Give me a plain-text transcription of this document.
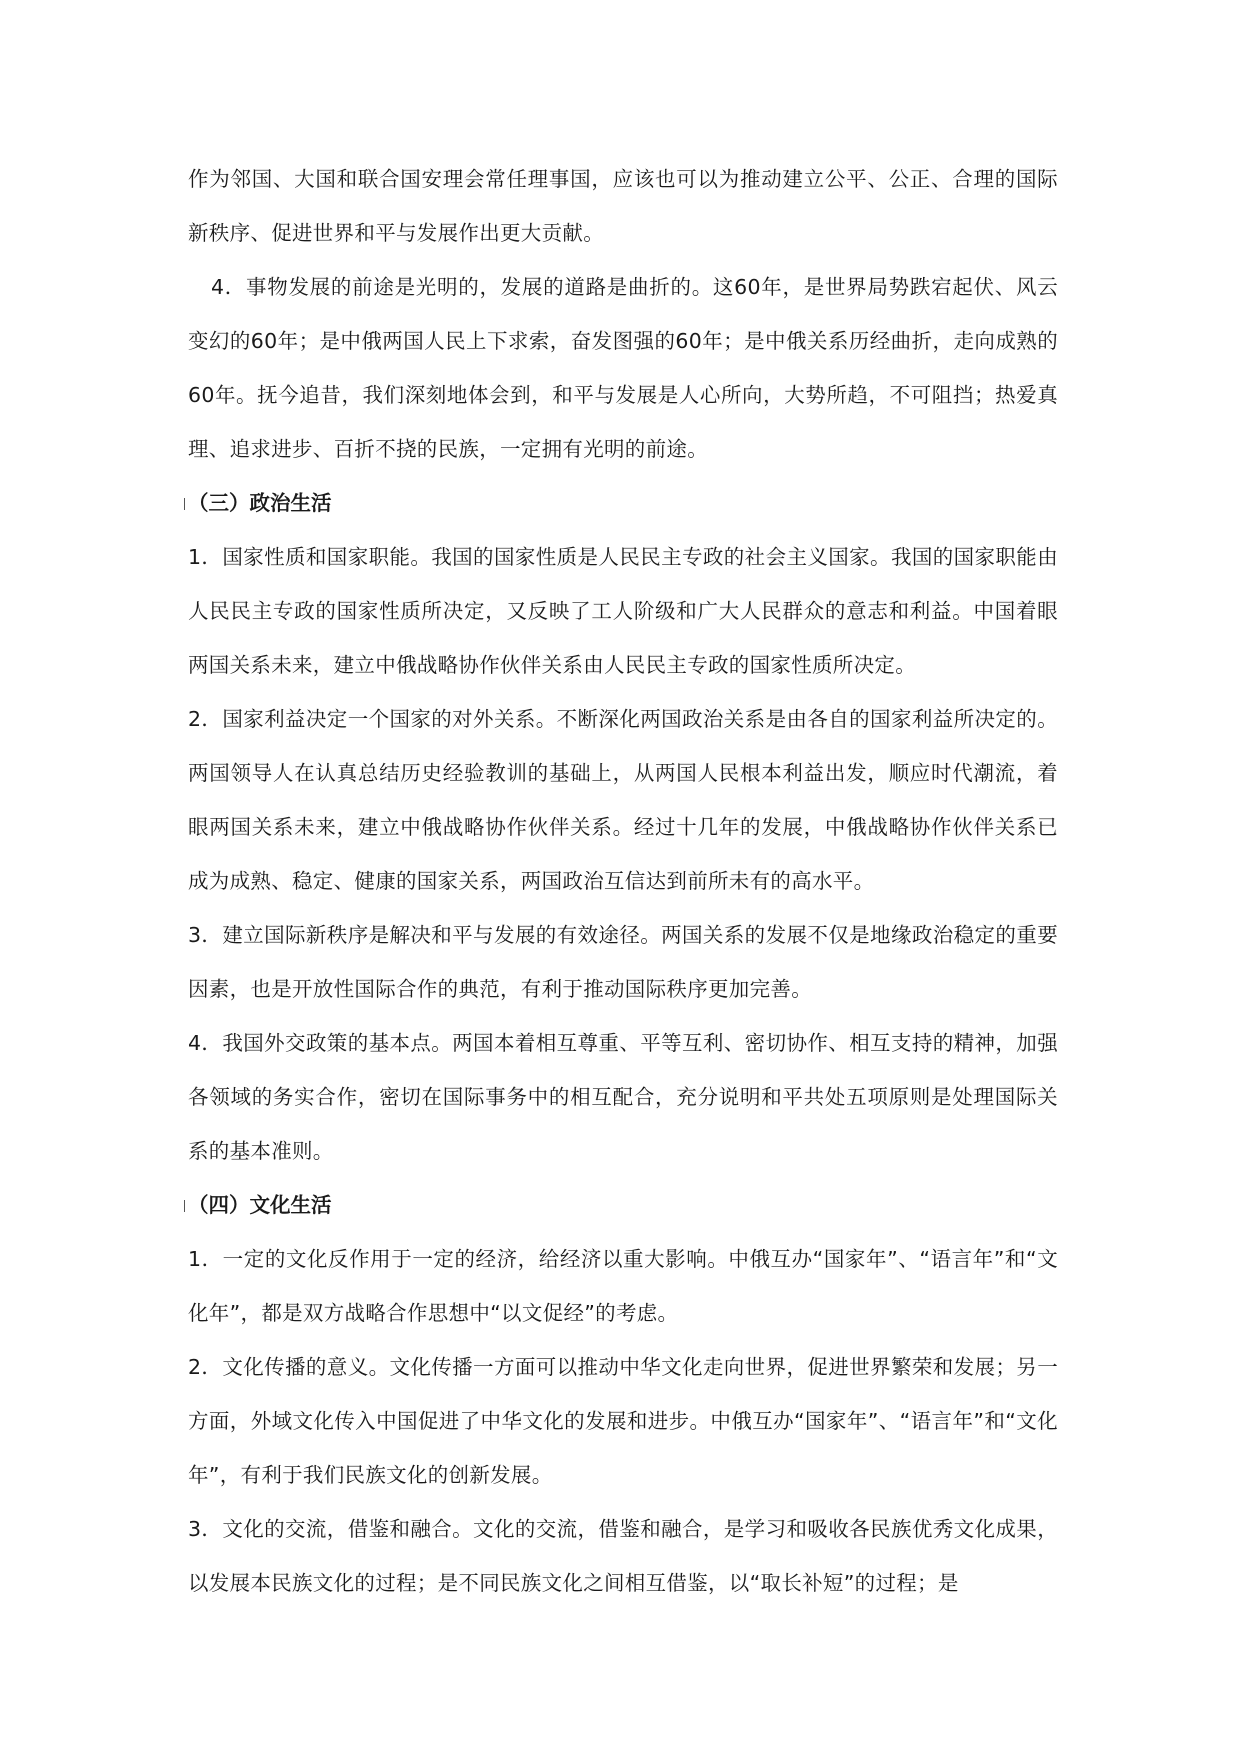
作为邻国、大国和联合国安理会常任理事国，应该也可以为推动建立公平、公正、合理的国际新秩序、促进世界和平与发展作出更大贡献。

4．事物发展的前途是光明的，发展的道路是曲折的。这60年，是世界局势跌宕起伏、风云变幻的60年；是中俄两国人民上下求索，奋发图强的60年；是中俄关系历经曲折，走向成熟的60年。抚今追昔，我们深刻地体会到，和平与发展是人心所向，大势所趋，不可阻挡；热爱真理、追求进步、百折不挠的民族，一定拥有光明的前途。

（三）政治生活

1．国家性质和国家职能。我国的国家性质是人民民主专政的社会主义国家。我国的国家职能由人民民主专政的国家性质所决定，又反映了工人阶级和广大人民群众的意志和利益。中国着眼两国关系未来，建立中俄战略协作伙伴关系由人民民主专政的国家性质所决定。

2．国家利益决定一个国家的对外关系。不断深化两国政治关系是由各自的国家利益所决定的。两国领导人在认真总结历史经验教训的基础上，从两国人民根本利益出发，顺应时代潮流，着眼两国关系未来，建立中俄战略协作伙伴关系。经过十几年的发展，中俄战略协作伙伴关系已成为成熟、稳定、健康的国家关系，两国政治互信达到前所未有的高水平。

3．建立国际新秩序是解决和平与发展的有效途径。两国关系的发展不仅是地缘政治稳定的重要因素，也是开放性国际合作的典范，有利于推动国际秩序更加完善。

4．我国外交政策的基本点。两国本着相互尊重、平等互利、密切协作、相互支持的精神，加强各领域的务实合作，密切在国际事务中的相互配合，充分说明和平共处五项原则是处理国际关系的基本准则。

（四）文化生活

1．一定的文化反作用于一定的经济，给经济以重大影响。中俄互办“国家年”、“语言年”和“文化年”，都是双方战略合作思想中“以文促经”的考虑。

2．文化传播的意义。文化传播一方面可以推动中华文化走向世界，促进世界繁荣和发展；另一方面，外域文化传入中国促进了中华文化的发展和进步。中俄互办“国家年”、“语言年”和“文化年”，有利于我们民族文化的创新发展。

3．文化的交流，借鉴和融合。文化的交流，借鉴和融合，是学习和吸收各民族优秀文化成果，以发展本民族文化的过程；是不同民族文化之间相互借鉴，以“取长补短”的过程；是
